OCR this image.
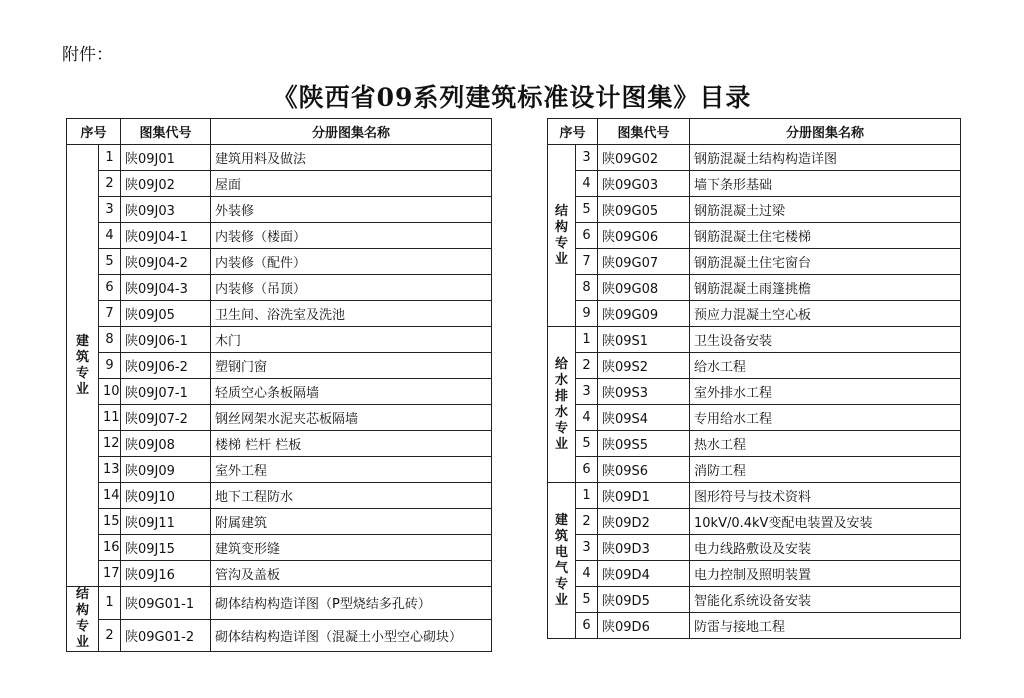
附件：
《陕西省09系列建筑标准设计图集》目录
序号		图集代号	分册图集名称
建筑专业	1	陕09J01	建筑用料及做法
	2	陕09J02	屋面
	3	陕09J03	外装修
	4	陕09J04-1	内装修（楼面）
	5	陕09J04-2	内装修（配件）
	6	陕09J04-3	内装修（吊顶）
	7	陕09J05	卫生间、浴洗室及洗池
	8	陕09J06-1	木门
	9	陕09J06-2	塑钢门窗
	10	陕09J07-1	轻质空心条板隔墙
	11	陕09J07-2	钢丝网架水泥夹芯板隔墙
	12	陕09J08	楼梯 栏杆 栏板
	13	陕09J09	室外工程
	14	陕09J10	地下工程防水
	15	陕09J11	附属建筑
	16	陕09J15	建筑变形缝
	17	陕09J16	管沟及盖板
结构专业	1	陕09G01-1	砌体结构构造详图（P型烧结多孔砖）
	2	陕09G01-2	砌体结构构造详图（混凝土小型空心砌块）
序号		图集代号	分册图集名称
结构专业	3	陕09G02	钢筋混凝土结构构造详图
	4	陕09G03	墙下条形基础
	5	陕09G05	钢筋混凝土过梁
	6	陕09G06	钢筋混凝土住宅楼梯
	7	陕09G07	钢筋混凝土住宅窗台
	8	陕09G08	钢筋混凝土雨篷挑檐
	9	陕09G09	预应力混凝土空心板
给水排水专业	1	陕09S1	卫生设备安装
	2	陕09S2	给水工程
	3	陕09S3	室外排水工程
	4	陕09S4	专用给水工程
	5	陕09S5	热水工程
	6	陕09S6	消防工程
建筑电气专业	1	陕09D1	图形符号与技术资料
	2	陕09D2	10kV/0.4kV变配电装置及安装
	3	陕09D3	电力线路敷设及安装
	4	陕09D4	电力控制及照明装置
	5	陕09D5	智能化系统设备安装
	6	陕09D6	防雷与接地工程
